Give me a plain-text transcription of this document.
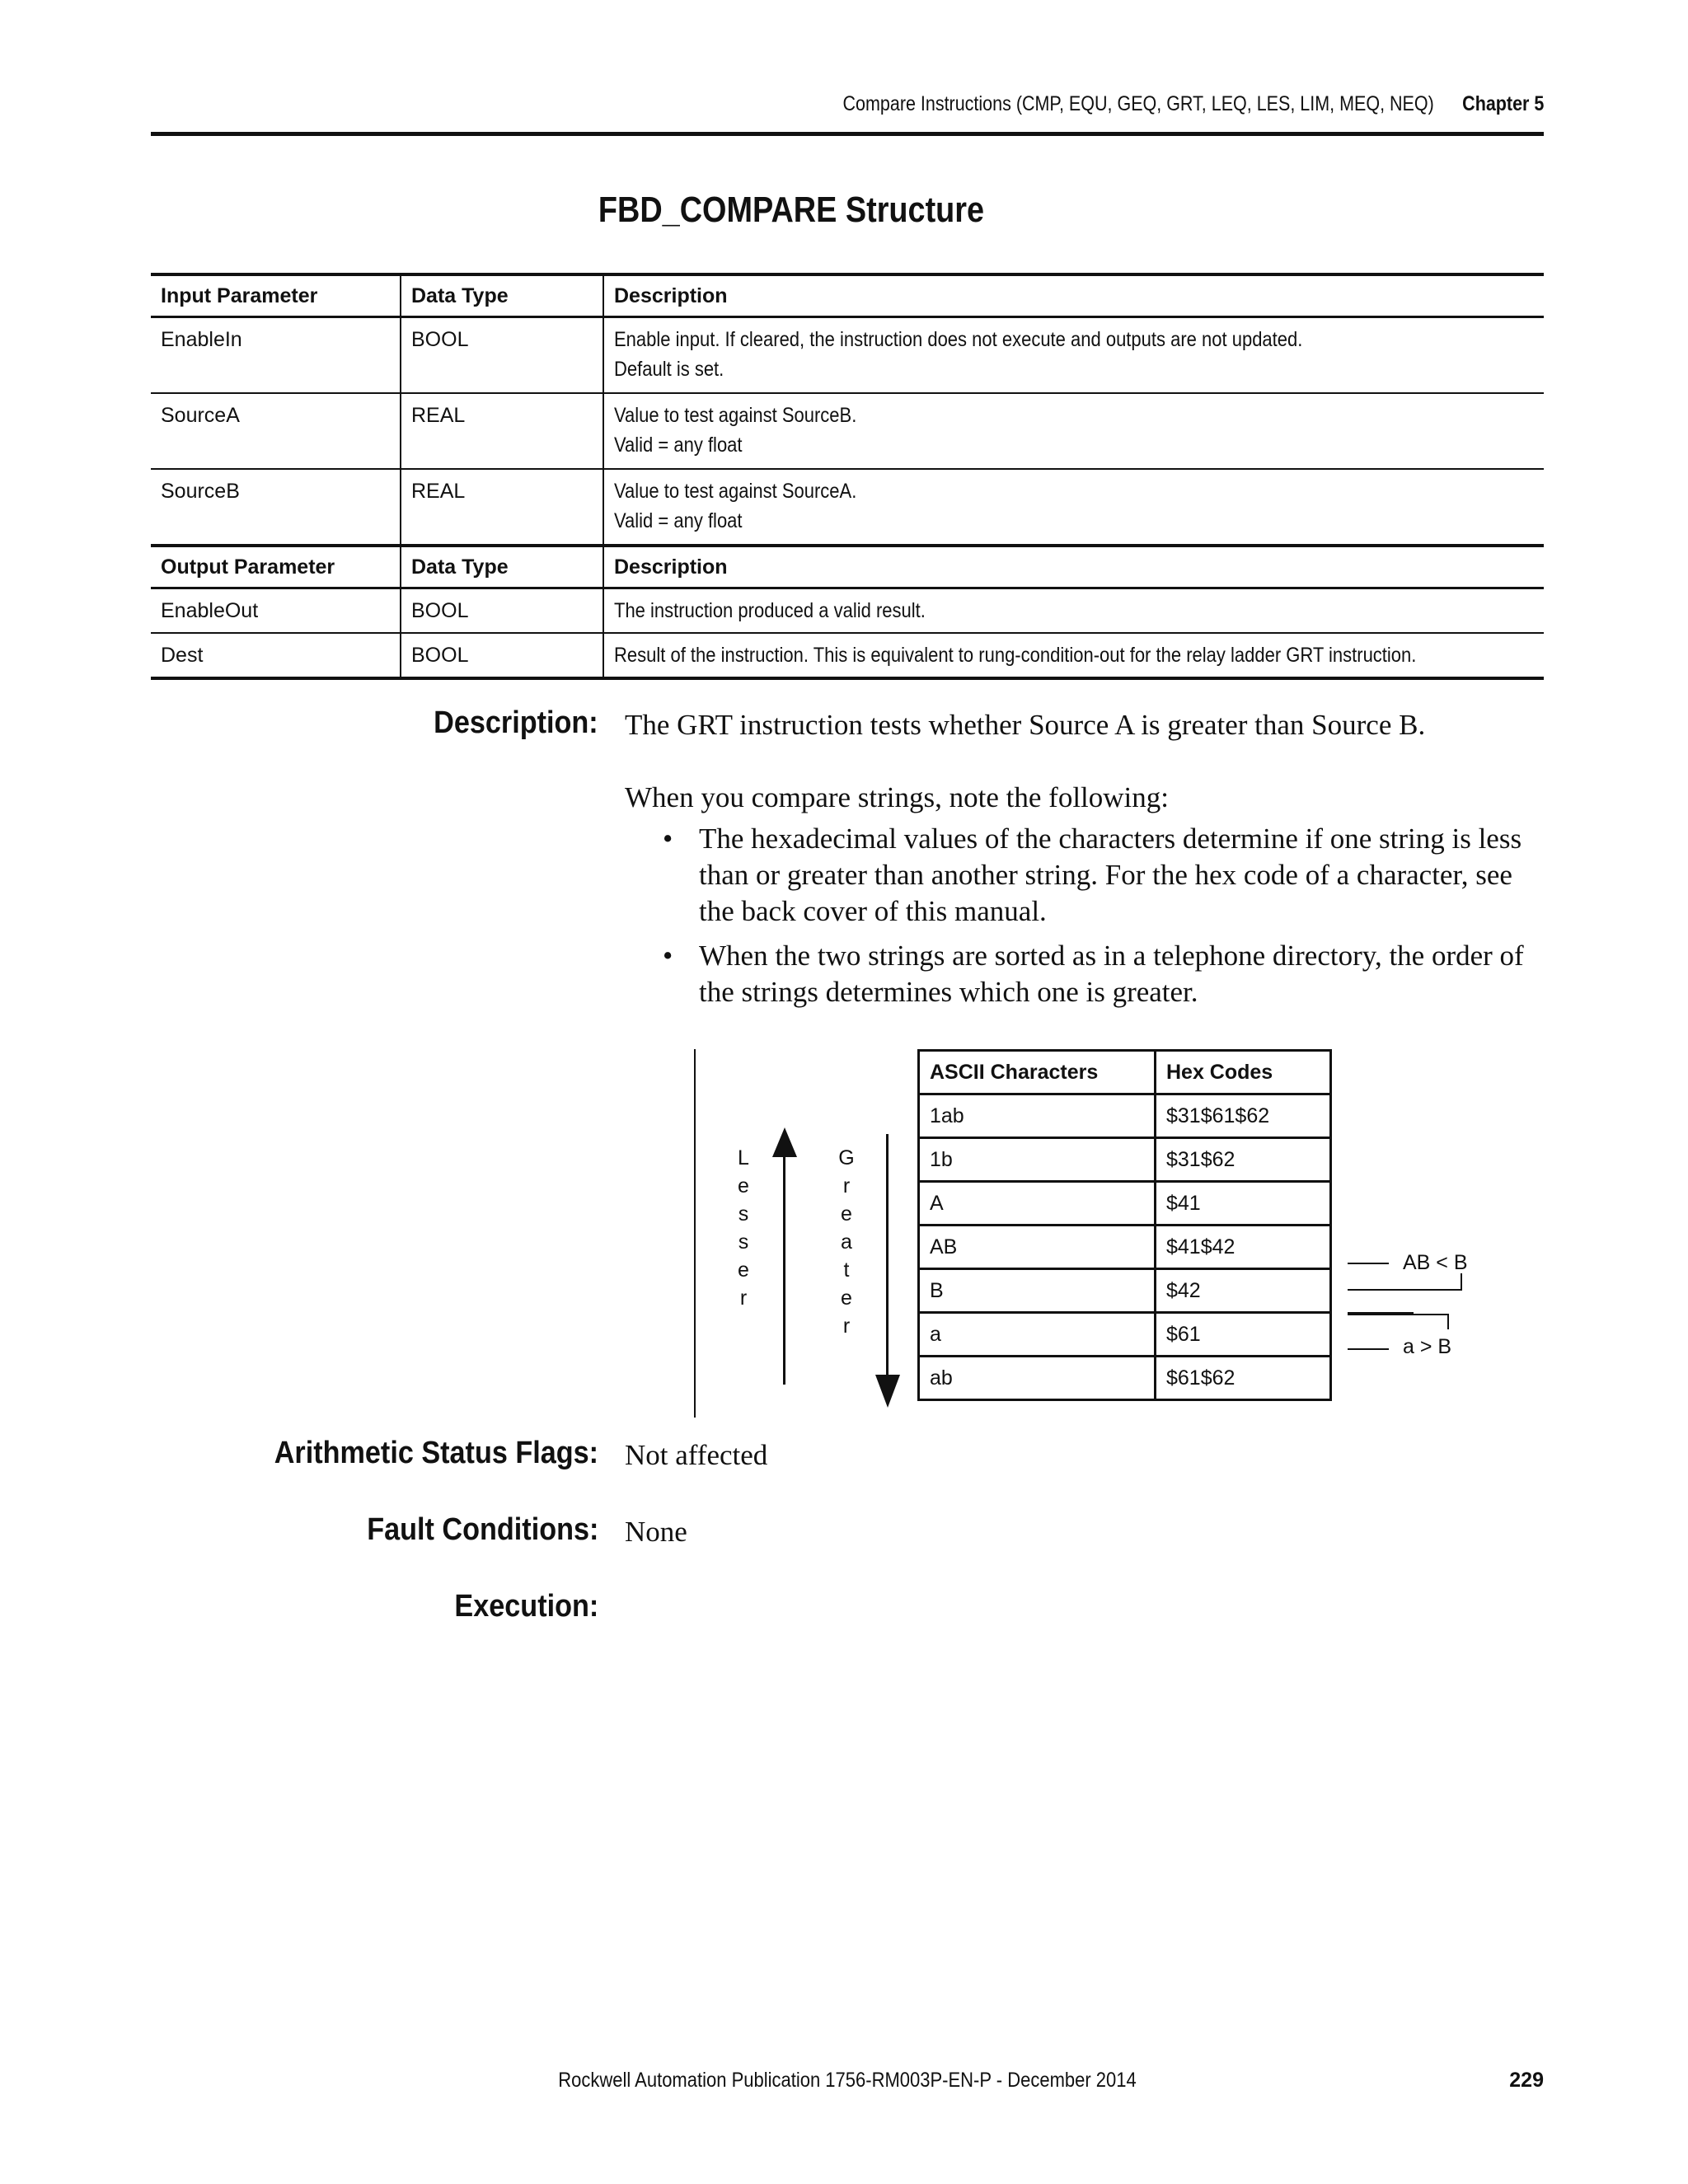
Compare Instructions (CMP, EQU, GEQ, GRT, LEQ, LES, LIM, MEQ, NEQ) Chapter 5
FBD_COMPARE Structure
Input Parameter	Data Type	Description
EnableIn	BOOL	Enable input. If cleared, the instruction does not execute and outputs are not updated.
Default is set.
SourceA	REAL	Value to test against SourceB.
Valid = any float
SourceB	REAL	Value to test against SourceA.
Valid = any float
Output Parameter	Data Type	Description
EnableOut	BOOL	The instruction produced a valid result.
Dest	BOOL	Result of the instruction. This is equivalent to rung-condition-out for the relay ladder GRT instruction.
Description: The GRT instruction tests whether Source A is greater than Source B.
When you compare strings, note the following:
• The hexadecimal values of the characters determine if one string is less than or greater than another string. For the hex code of a character, see the back cover of this manual.
• When the two strings are sorted as in a telephone directory, the order of the strings determines which one is greater.
L
e
s
s
e
r
G
r
e
a
t
e
r
ASCII Characters	Hex Codes
1ab	$31$61$62
1b	$31$62
A	$41
AB	$41$42
B	$42
a	$61
ab	$61$62
AB < B
a > B
Arithmetic Status Flags: Not affected
Fault Conditions: None
Execution:
Rockwell Automation Publication 1756-RM003P-EN-P - December 2014	229
